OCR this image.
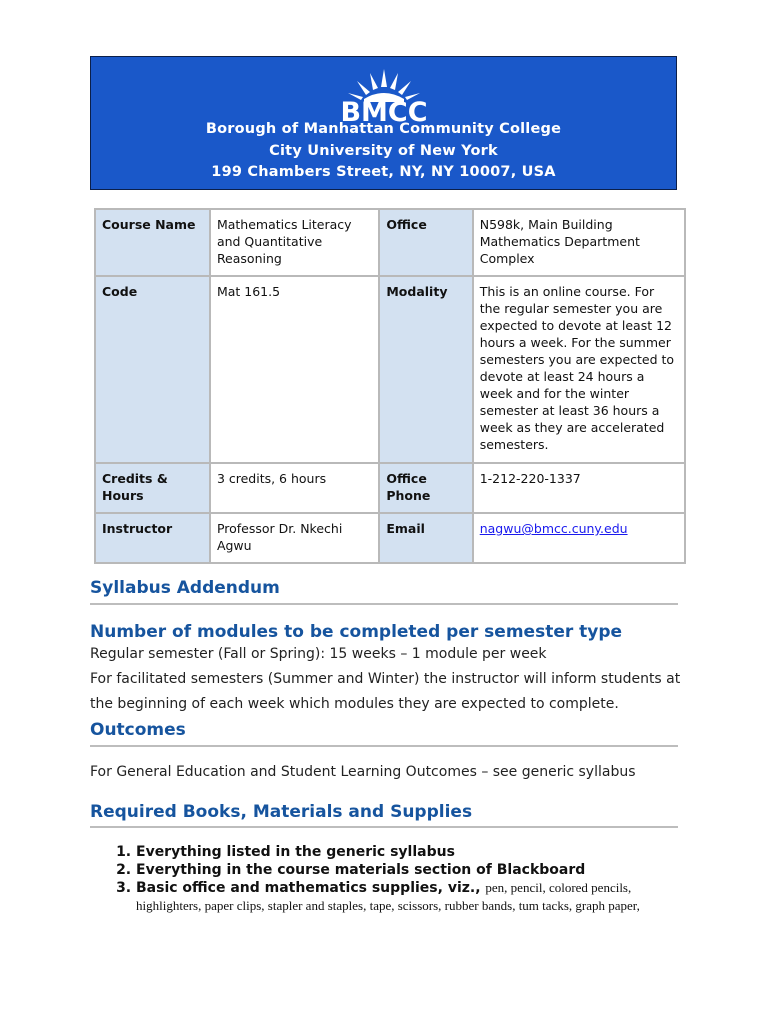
BMCC
Borough of Manhattan Community College
City University of New York
199 Chambers Street, NY, NY 10007, USA
Course Name	Mathematics Literacy and Quantitative Reasoning	Office	N598k, Main Building Mathematics Department Complex
Code	Mat 161.5	Modality	This is an online course. For the regular semester you are expected to devote at least 12 hours a week. For the summer semesters you are expected to devote at least 24 hours a week and for the winter semester at least 36 hours a week as they are accelerated semesters.
Credits & Hours	3 credits, 6 hours	Office Phone	1-212-220-1337
Instructor	Professor Dr. Nkechi Agwu	Email	nagwu@bmcc.cuny.edu
Syllabus Addendum
Number of modules to be completed per semester type

Regular semester (Fall or Spring): 15 weeks – 1 module per week

For facilitated semesters (Summer and Winter) the instructor will inform students at

the beginning of each week which modules they are expected to complete.

Outcomes

For General Education and Student Learning Outcomes – see generic syllabus

Required Books, Materials and Supplies
1. Everything listed in the generic syllabus
2. Everything in the course materials section of Blackboard
3. Basic office and mathematics supplies, viz., pen, pencil, colored pencils,
highlighters, paper clips, stapler and staples, tape, scissors, rubber bands, tum tacks, graph paper,
